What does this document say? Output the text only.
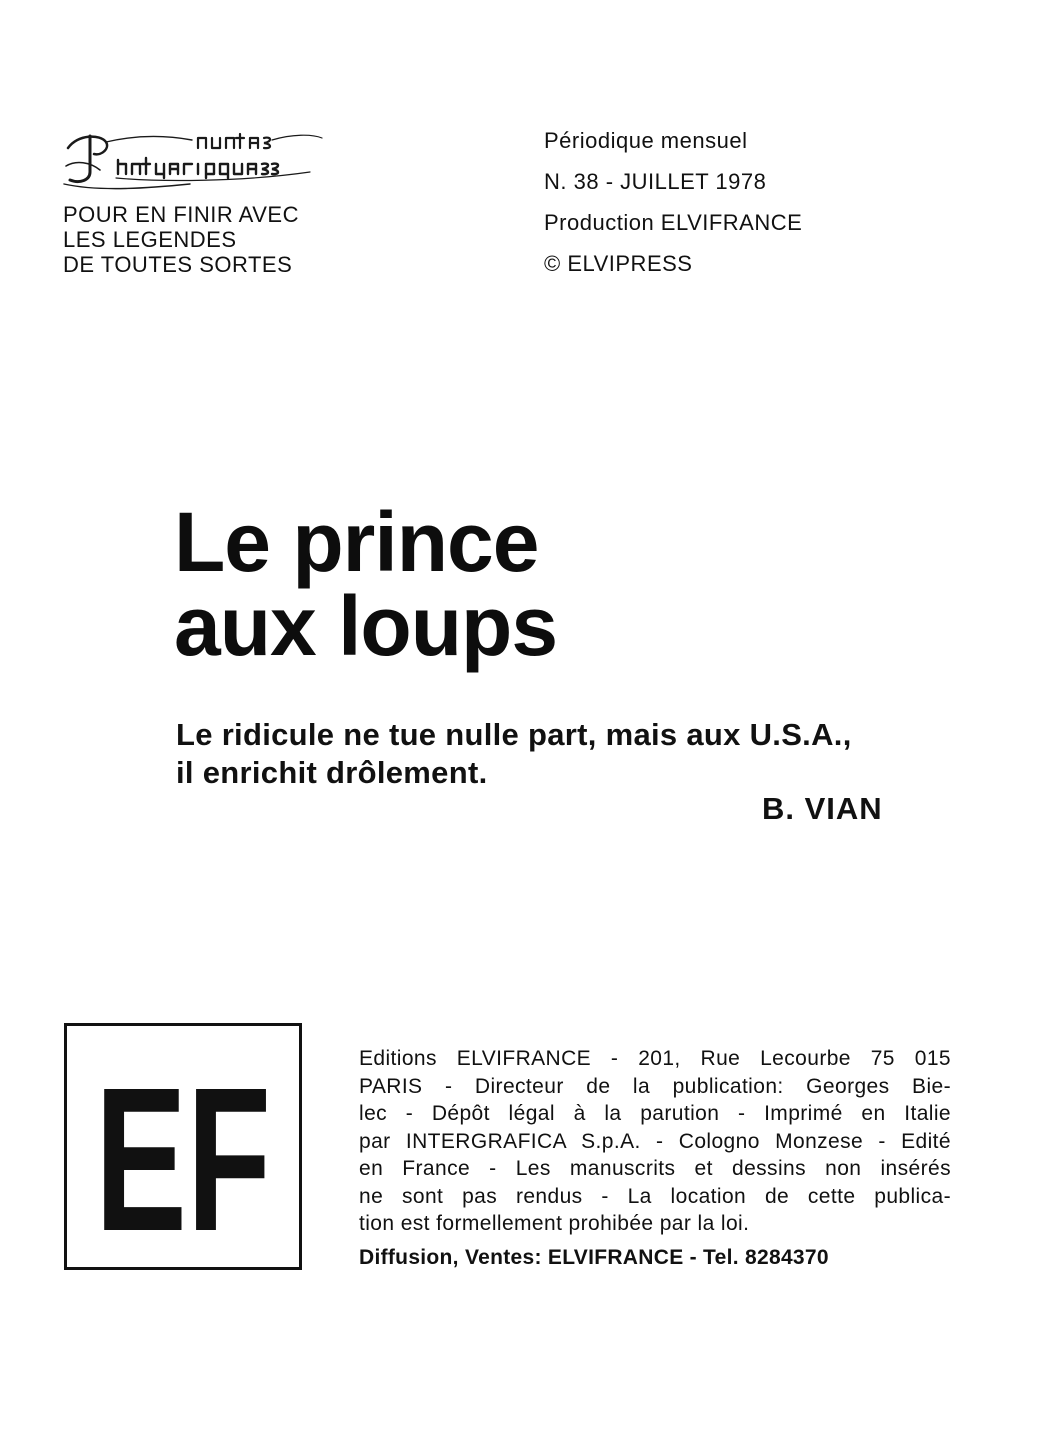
POUR EN FINIR AVEC
LES LEGENDES
DE TOUTES SORTES
Périodique mensuel
N. 38 - JUILLET 1978
Production ELVIFRANCE
© ELVIPRESS
Le prince
aux loups

Le ridicule ne tue nulle part, mais aux U.S.A.,
il enrichit drôlement.

B. VIAN
EF	Editions ELVIFRANCE - 201, Rue Lecourbe 75 015
PARIS - Directeur de la publication: Georges Bie-
lec - Dépôt légal à la parution - Imprimé en Italie
par INTERGRAFICA S.p.A. - Cologno Monzese - Edité
en France - Les manuscrits et dessins non insérés
ne sont pas rendus - La location de cette publica-
tion est formellement prohibée par la loi.
Diffusion, Ventes: ELVIFRANCE - Tel. 8284370
